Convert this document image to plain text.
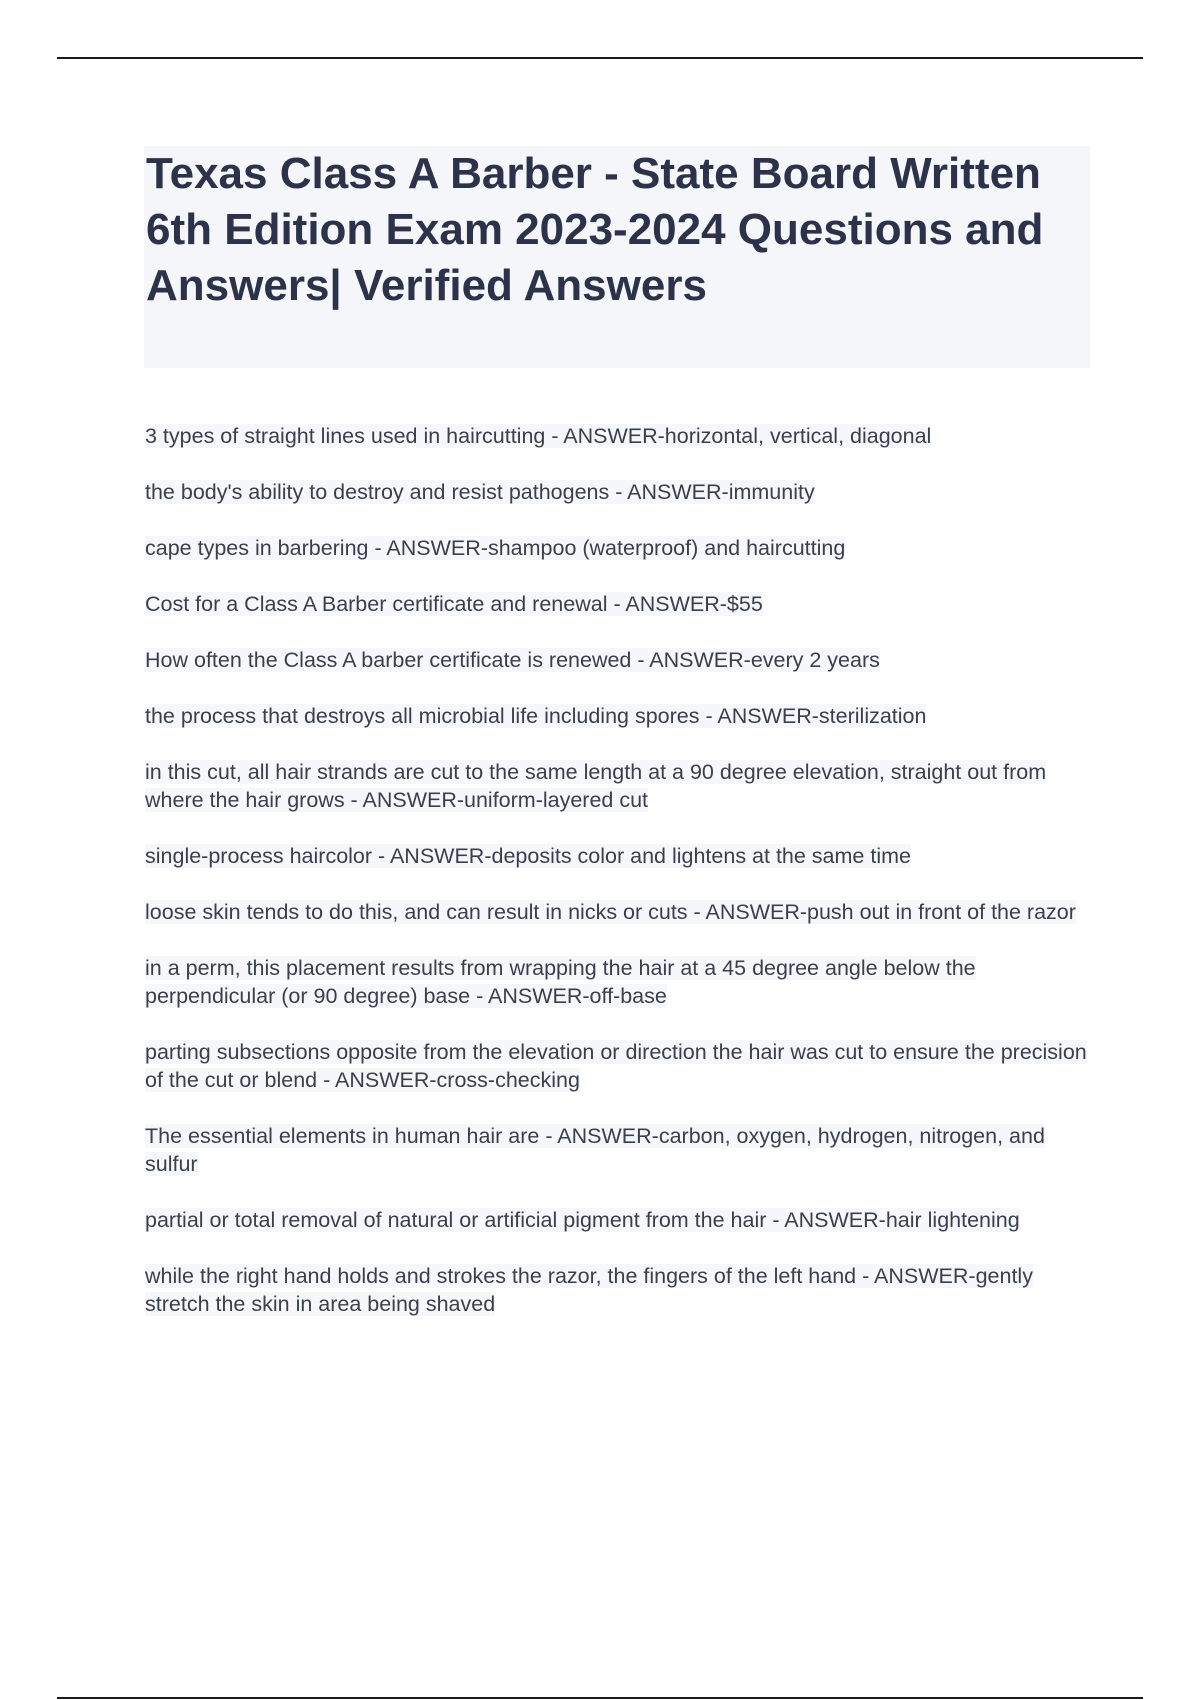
Texas Class A Barber - State Board Written 6th Edition Exam 2023-2024 Questions and Answers| Verified Answers
3 types of straight lines used in haircutting - ANSWER-horizontal, vertical, diagonal
the body's ability to destroy and resist pathogens - ANSWER-immunity
cape types in barbering - ANSWER-shampoo (waterproof) and haircutting
Cost for a Class A Barber certificate and renewal - ANSWER-$55
How often the Class A barber certificate is renewed - ANSWER-every 2 years
the process that destroys all microbial life including spores - ANSWER-sterilization
in this cut, all hair strands are cut to the same length at a 90 degree elevation, straight out from where the hair grows - ANSWER-uniform-layered cut
single-process haircolor - ANSWER-deposits color and lightens at the same time
loose skin tends to do this, and can result in nicks or cuts - ANSWER-push out in front of the razor
in a perm, this placement results from wrapping the hair at a 45 degree angle below the perpendicular (or 90 degree) base - ANSWER-off-base
parting subsections opposite from the elevation or direction the hair was cut to ensure the precision of the cut or blend - ANSWER-cross-checking
The essential elements in human hair are - ANSWER-carbon, oxygen, hydrogen, nitrogen, and sulfur
partial or total removal of natural or artificial pigment from the hair - ANSWER-hair lightening
while the right hand holds and strokes the razor, the fingers of the left hand - ANSWER-gently stretch the skin in area being shaved
